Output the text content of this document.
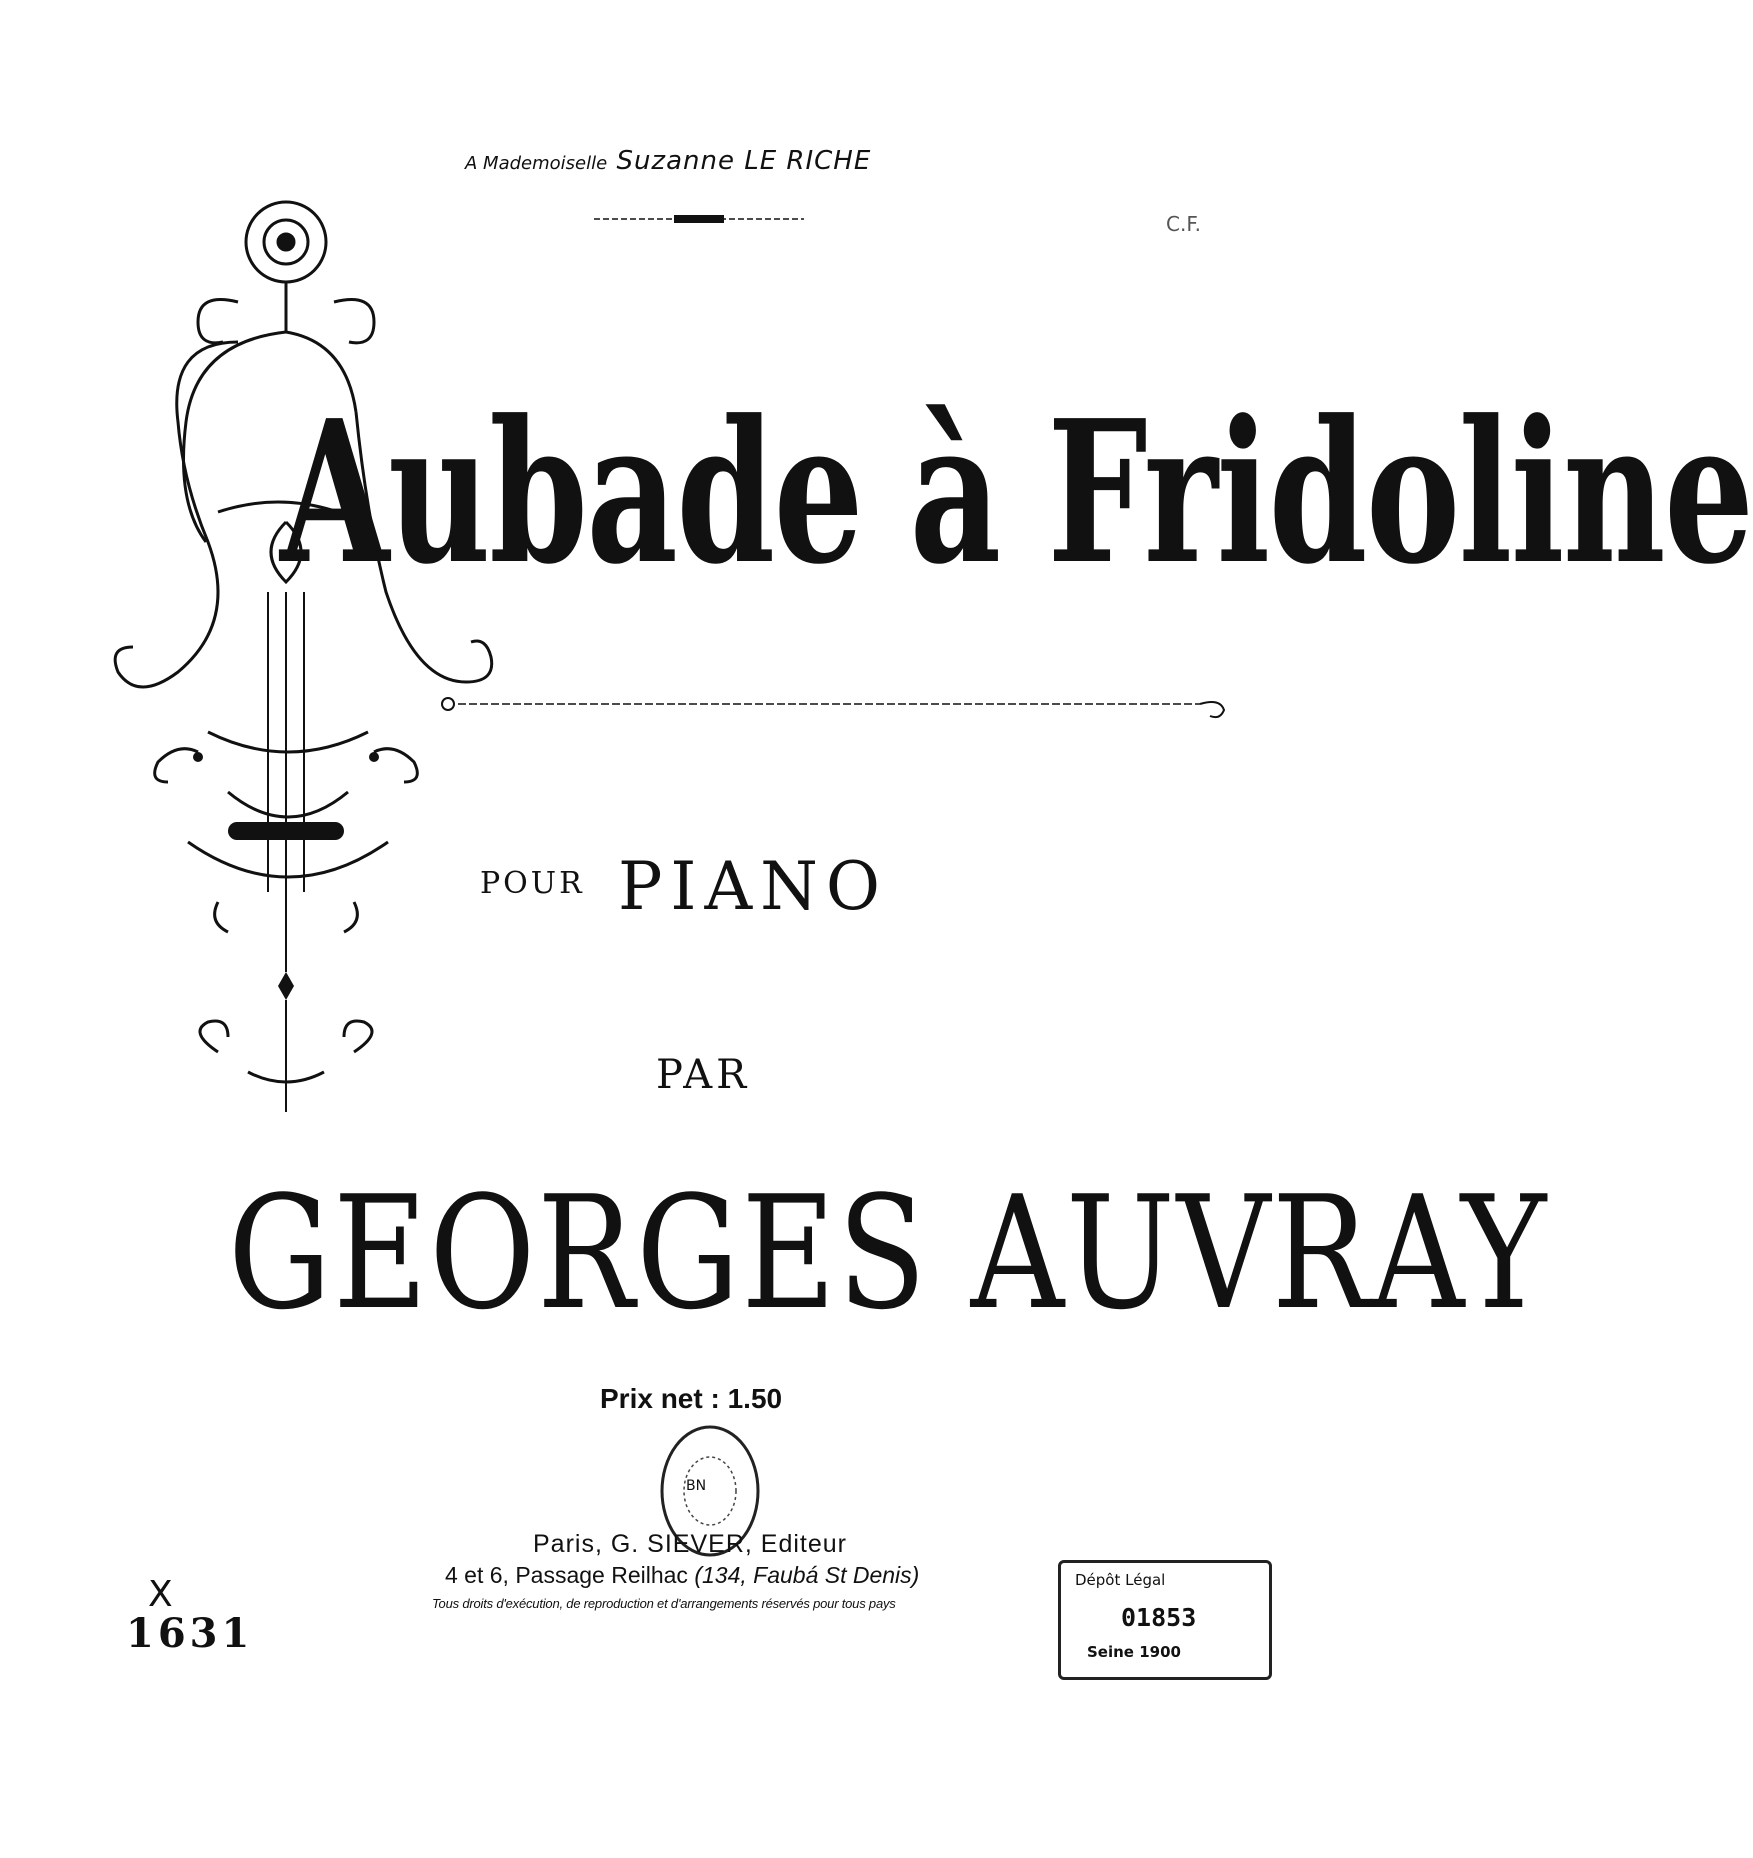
A Mademoiselle Suzanne LE RICHE
C.F.
Aubade à Fridoline
POUR PIANO
PAR
GEORGES AUVRAY
Prix net : 1.50
BN
Paris, G. SIEVER, Editeur
4 et 6, Passage Reilhac (134, Faubá St Denis)
Tous droits d'exécution, de reproduction et d'arrangements réservés pour tous pays
X
1631
Dépôt Légal
01853
Seine 1900
